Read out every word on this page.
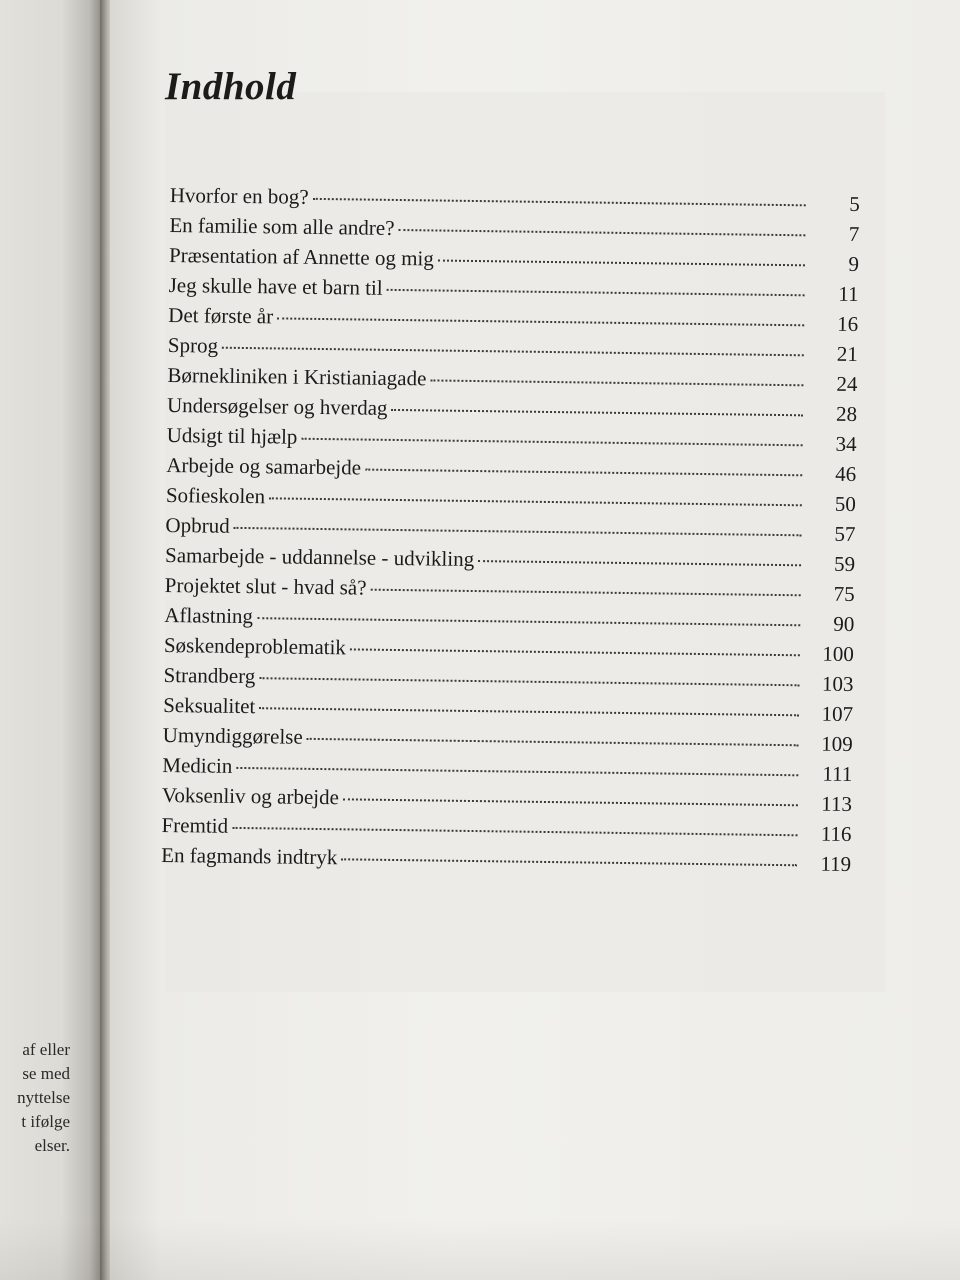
af eller
se med
nyttelse
t ifølge
elser.
Indhold
Hvorfor en bog?	5
En familie som alle andre?	7
Præsentation af Annette og mig	9
Jeg skulle have et barn til	11
Det første år	16
Sprog	21
Børnekliniken i Kristianiagade	24
Undersøgelser og hverdag	28
Udsigt til hjælp	34
Arbejde og samarbejde	46
Sofieskolen	50
Opbrud	57
Samarbejde - uddannelse - udvikling	59
Projektet slut - hvad så?	75
Aflastning	90
Søskendeproblematik	100
Strandberg	103
Seksualitet	107
Umyndiggørelse	109
Medicin	111
Voksenliv og arbejde	113
Fremtid	116
En fagmands indtryk	119
